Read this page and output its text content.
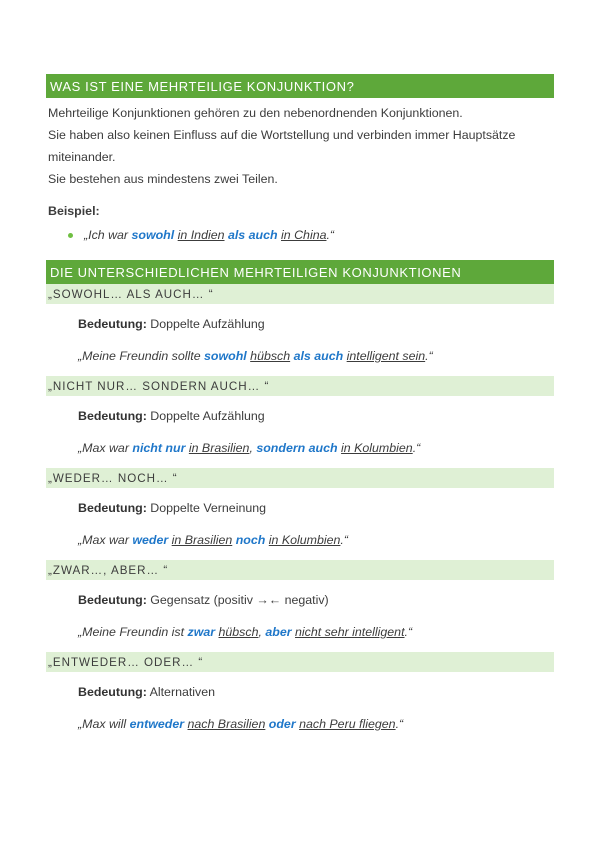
WAS IST EINE MEHRTEILIGE KONJUNKTION?

Mehrteilige Konjunktionen gehören zu den nebenordnenden Konjunktionen.

Sie haben also keinen Einfluss auf die Wortstellung und verbinden immer Hauptsätze

miteinander.

Sie bestehen aus mindestens zwei Teilen.

Beispiel:
„Ich war sowohl in Indien als auch in China.“
DIE UNTERSCHIEDLICHEN MEHRTEILIGEN KONJUNKTIONEN
„SOWOHL… ALS AUCH… “
Bedeutung: Doppelte Aufzählung
„Meine Freundin sollte sowohl hübsch als auch intelligent sein.“
„NICHT NUR… SONDERN AUCH… “
Bedeutung: Doppelte Aufzählung
„Max war nicht nur in Brasilien, sondern auch in Kolumbien.“
„WEDER… NOCH… “
Bedeutung: Doppelte Verneinung
„Max war weder in Brasilien noch in Kolumbien.“
„ZWAR…, ABER… “
Bedeutung: Gegensatz (positiv →← negativ)
„Meine Freundin ist zwar hübsch, aber nicht sehr intelligent.“
„ENTWEDER… ODER… “
Bedeutung: Alternativen
„Max will entweder nach Brasilien oder nach Peru fliegen.“
